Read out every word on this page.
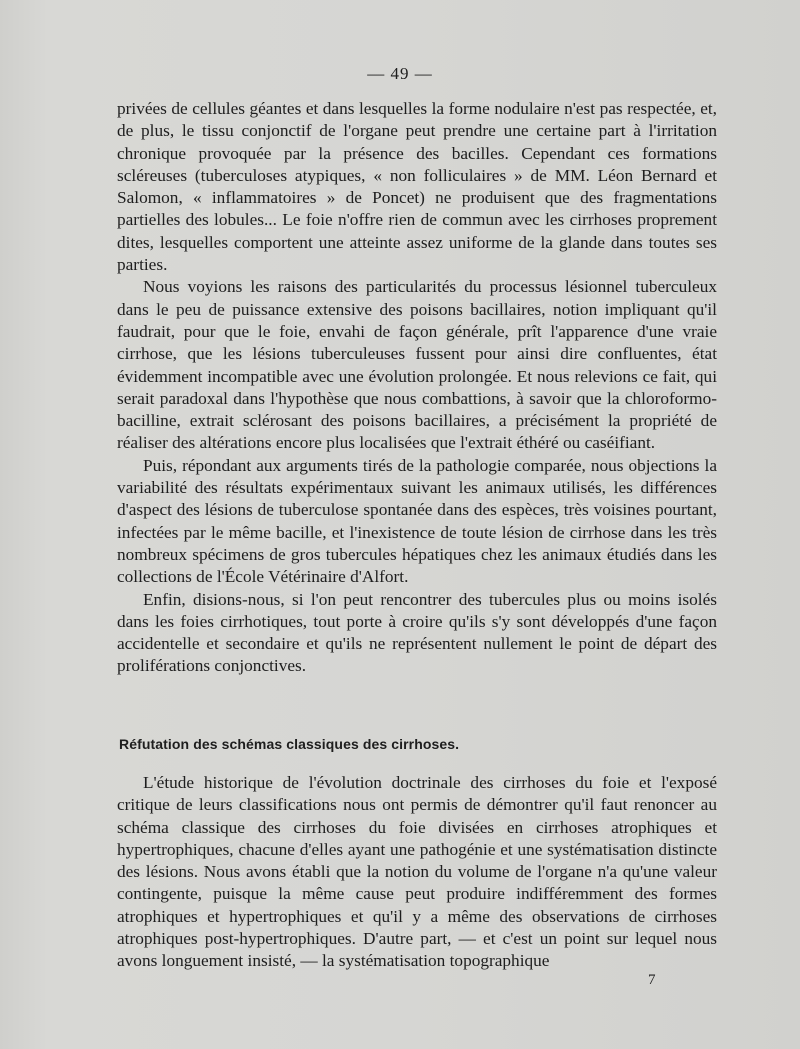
— 49 —

privées de cellules géantes et dans lesquelles la forme nodulaire n'est pas respectée, et, de plus, le tissu conjonctif de l'organe peut prendre une certaine part à l'irritation chronique provoquée par la présence des bacilles. Cependant ces formations scléreuses (tuberculoses atypiques, « non folliculaires » de MM. Léon Bernard et Salomon, « inflammatoires » de Poncet) ne produisent que des fragmentations partielles des lobules... Le foie n'offre rien de commun avec les cirrhoses proprement dites, lesquelles comportent une atteinte assez uniforme de la glande dans toutes ses parties.

Nous voyions les raisons des particularités du processus lésionnel tuberculeux dans le peu de puissance extensive des poisons bacillaires, notion impliquant qu'il faudrait, pour que le foie, envahi de façon générale, prît l'apparence d'une vraie cirrhose, que les lésions tuberculeuses fussent pour ainsi dire confluentes, état évidemment incompatible avec une évolution prolongée. Et nous relevions ce fait, qui serait paradoxal dans l'hypothèse que nous combattions, à savoir que la chloroformo-bacilline, extrait sclérosant des poisons bacillaires, a précisément la propriété de réaliser des altérations encore plus localisées que l'extrait éthéré ou caséifiant.

Puis, répondant aux arguments tirés de la pathologie comparée, nous objections la variabilité des résultats expérimentaux suivant les animaux utilisés, les différences d'aspect des lésions de tuberculose spontanée dans des espèces, très voisines pourtant, infectées par le même bacille, et l'inexistence de toute lésion de cirrhose dans les très nombreux spécimens de gros tubercules hépatiques chez les animaux étudiés dans les collections de l'École Vétérinaire d'Alfort.

Enfin, disions-nous, si l'on peut rencontrer des tubercules plus ou moins isolés dans les foies cirrhotiques, tout porte à croire qu'ils s'y sont développés d'une façon accidentelle et secondaire et qu'ils ne représentent nullement le point de départ des proliférations conjonctives.

Réfutation des schémas classiques des cirrhoses.

L'étude historique de l'évolution doctrinale des cirrhoses du foie et l'exposé critique de leurs classifications nous ont permis de démontrer qu'il faut renoncer au schéma classique des cirrhoses du foie divisées en cirrhoses atrophiques et hypertrophiques, chacune d'elles ayant une pathogénie et une systématisation distincte des lésions. Nous avons établi que la notion du volume de l'organe n'a qu'une valeur contingente, puisque la même cause peut produire indifféremment des formes atrophiques et hypertrophiques et qu'il y a même des observations de cirrhoses atrophiques post-hypertrophiques. D'autre part, — et c'est un point sur lequel nous avons longuement insisté, — la systématisation topographique

7
